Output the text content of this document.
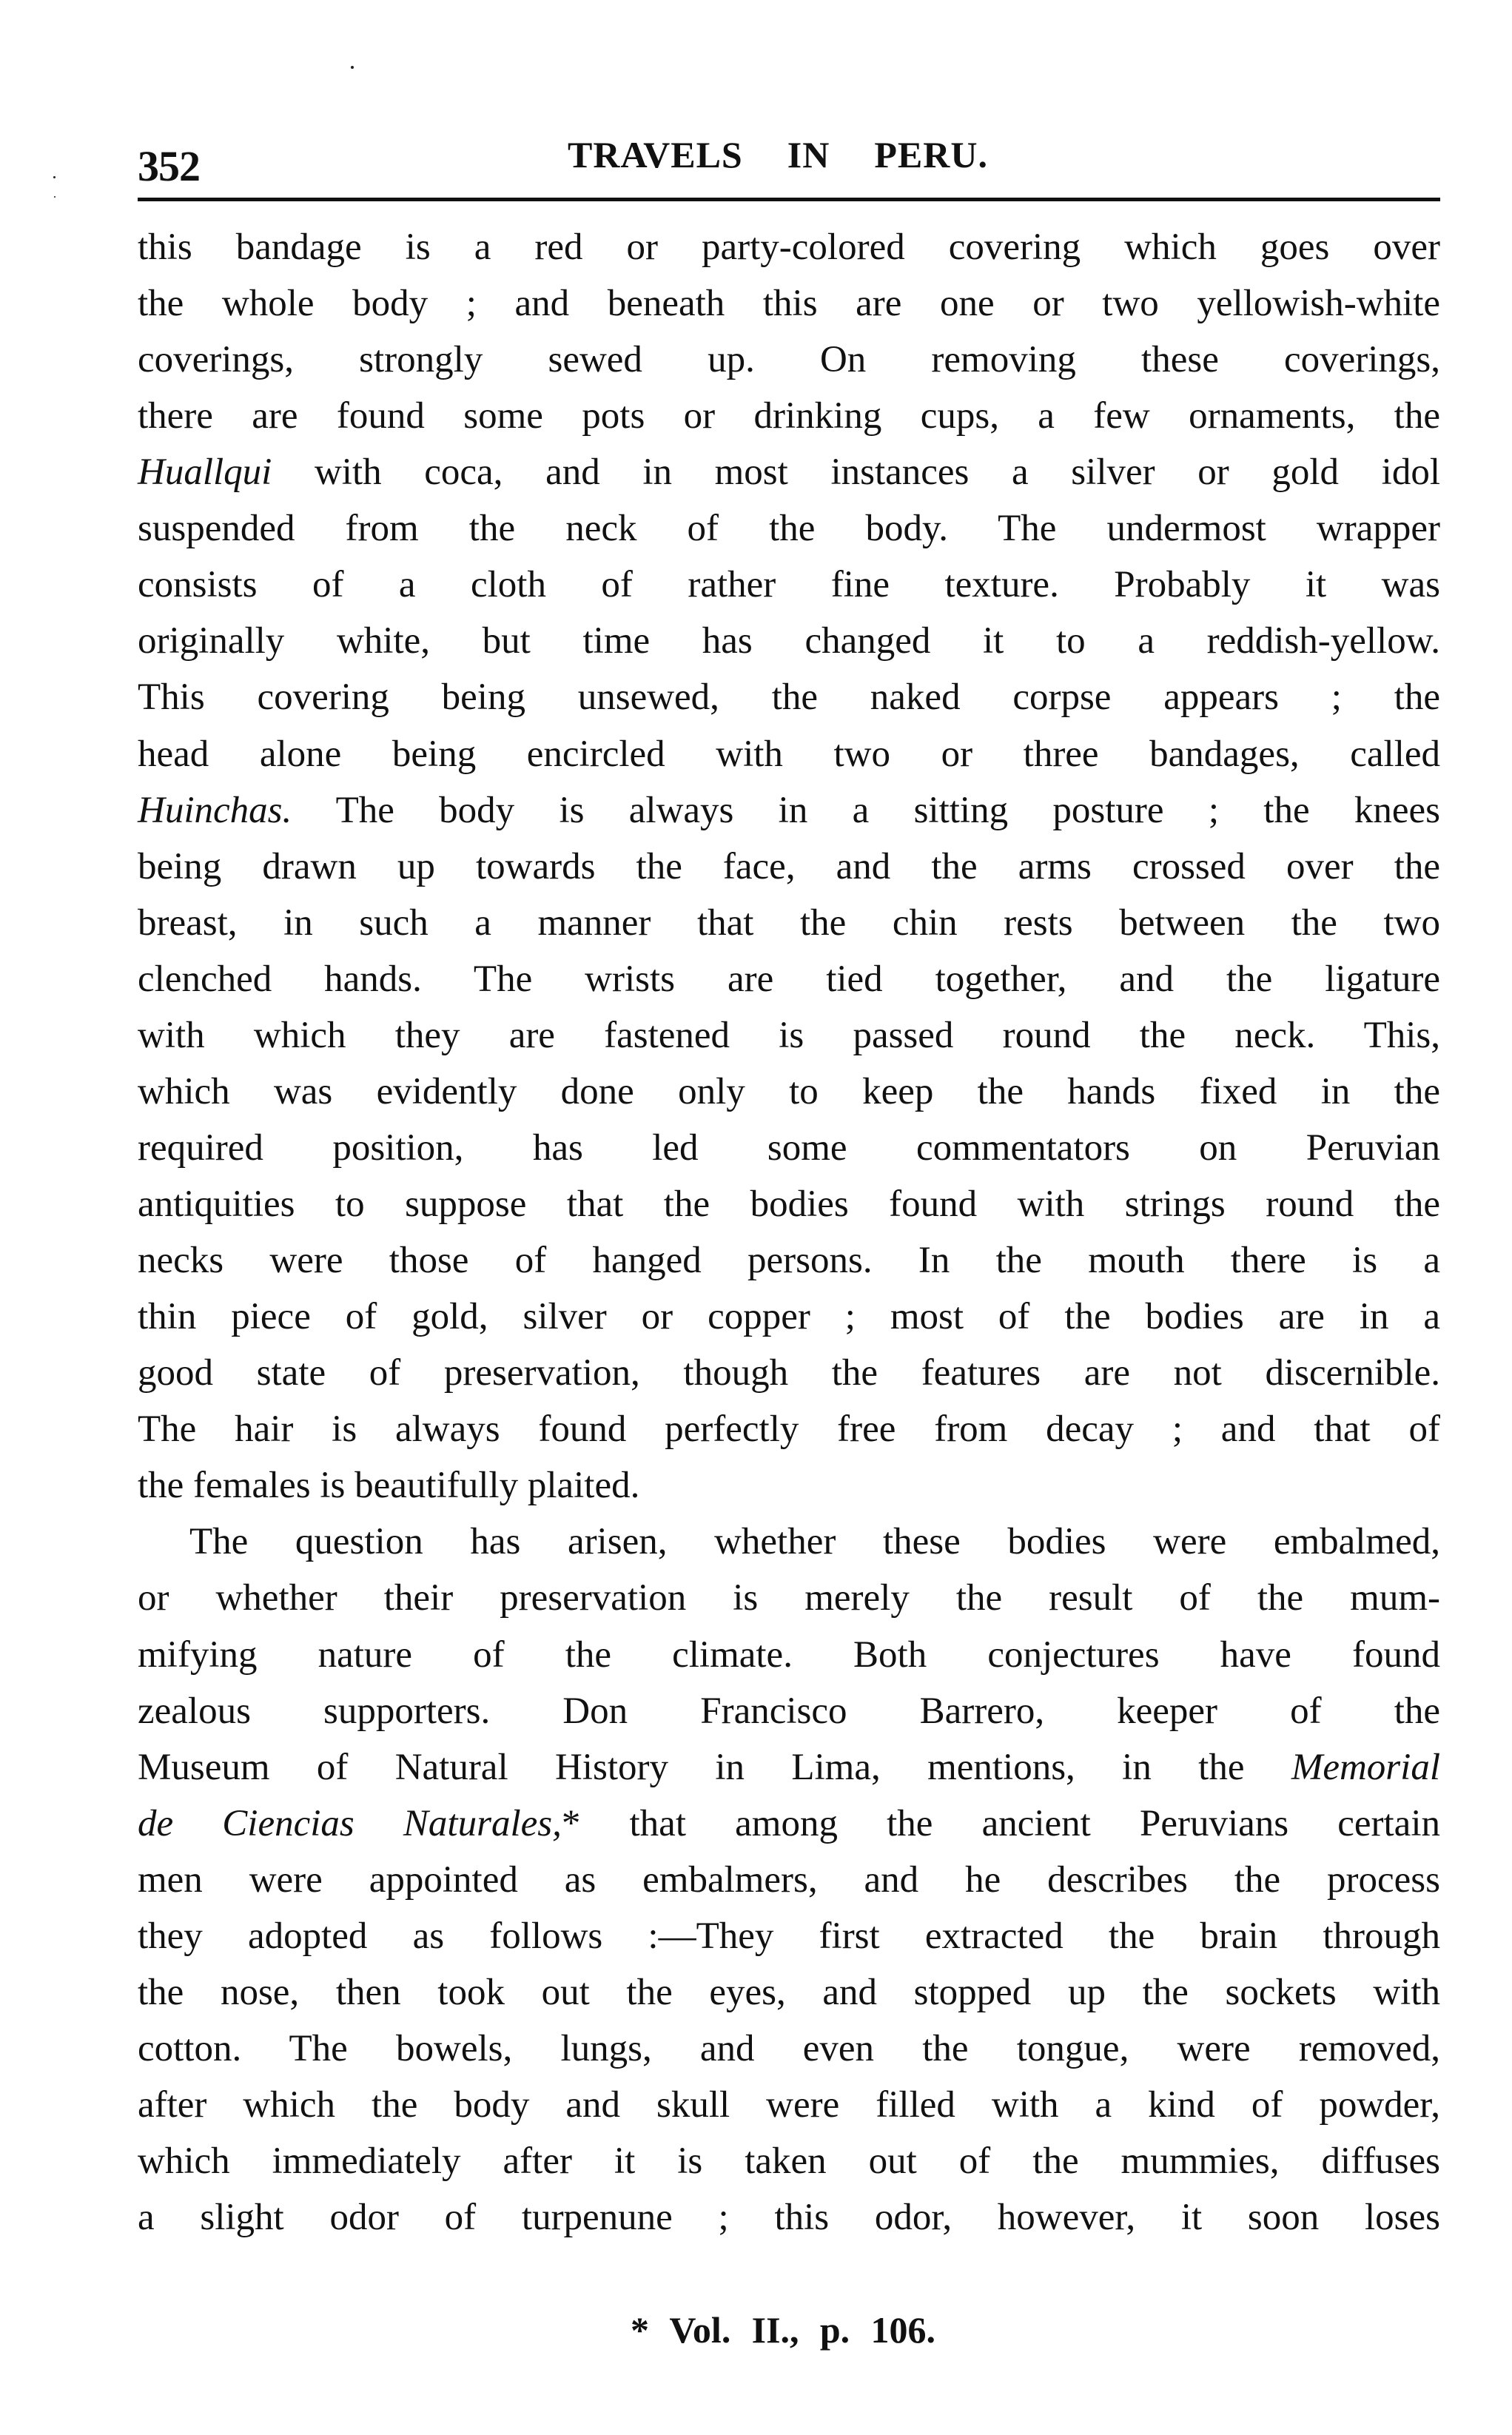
352	TRAVELS IN PERU.
this bandage is a red or party-colored covering which goes over
the whole body ; and beneath this are one or two yellowish-white
coverings, strongly sewed up. On removing these coverings,
there are found some pots or drinking cups, a few ornaments, the
Huallqui with coca, and in most instances a silver or gold idol
suspended from the neck of the body. The undermost wrapper
consists of a cloth of rather fine texture. Probably it was
originally white, but time has changed it to a reddish-yellow.
This covering being unsewed, the naked corpse appears ; the
head alone being encircled with two or three bandages, called
Huinchas. The body is always in a sitting posture ; the knees
being drawn up towards the face, and the arms crossed over the
breast, in such a manner that the chin rests between the two
clenched hands. The wrists are tied together, and the ligature
with which they are fastened is passed round the neck. This,
which was evidently done only to keep the hands fixed in the
required position, has led some commentators on Peruvian
antiquities to suppose that the bodies found with strings round the
necks were those of hanged persons. In the mouth there is a
thin piece of gold, silver or copper ; most of the bodies are in a
good state of preservation, though the features are not discernible.
The hair is always found perfectly free from decay ; and that of
the females is beautifully plaited.
The question has arisen, whether these bodies were embalmed,
or whether their preservation is merely the result of the mum-
mifying nature of the climate. Both conjectures have found
zealous supporters. Don Francisco Barrero, keeper of the
Museum of Natural History in Lima, mentions, in the Memorial
de Ciencias Naturales,* that among the ancient Peruvians certain
men were appointed as embalmers, and he describes the process
they adopted as follows :—They first extracted the brain through
the nose, then took out the eyes, and stopped up the sockets with
cotton. The bowels, lungs, and even the tongue, were removed,
after which the body and skull were filled with a kind of powder,
which immediately after it is taken out of the mummies, diffuses
a slight odor of turpenune ; this odor, however, it soon loses
* Vol. II., p. 106.
